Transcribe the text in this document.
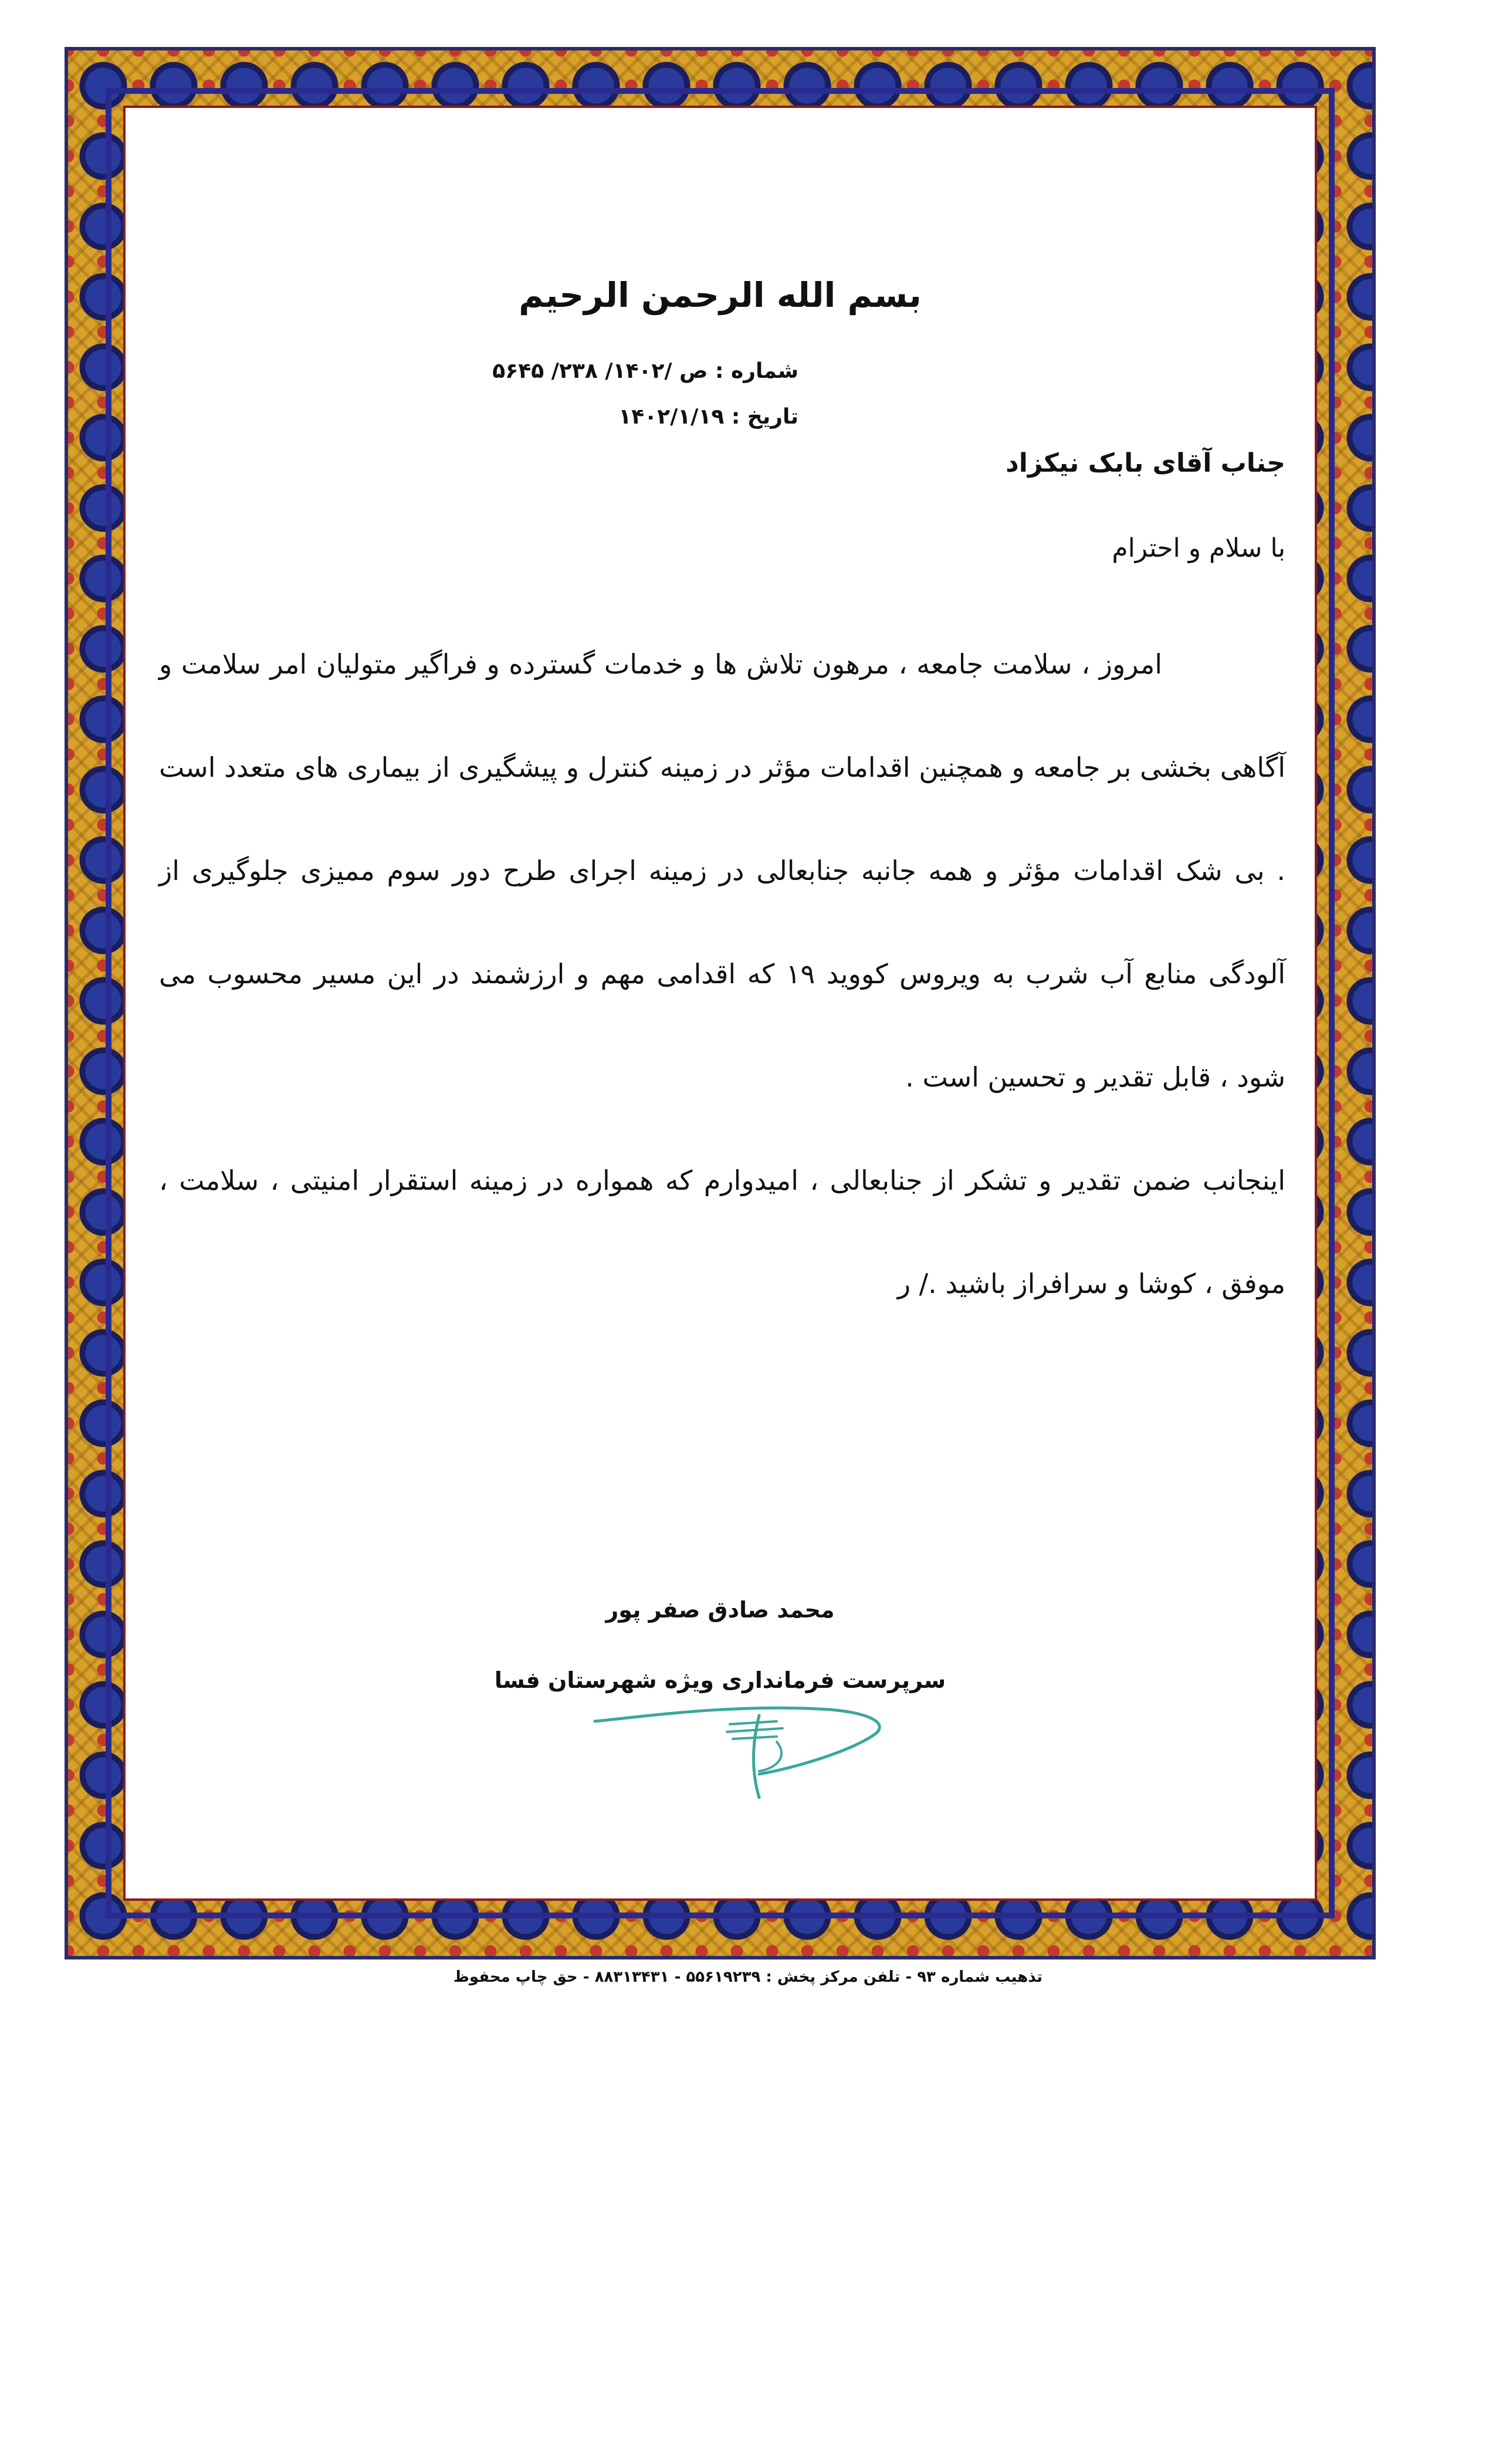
بسم الله الرحمن الرحيم
شماره : ص /۱۴۰۲/ ۲۳۸/ ۵۶۴۵
تاریخ : ۱۴۰۲/۱/۱۹
جناب آقای بابک نیکزاد
با سلام و احترام

امروز ، سلامت جامعه ، مرهون تلاش ها و خدمات گسترده و فراگیر متولیان امر سلامت و آگاهی بخشی بر جامعه و همچنین اقدامات مؤثر در زمینه کنترل و پیشگیری از بیماری های متعدد است . بی شک اقدامات مؤثر و همه جانبه جنابعالی در زمینه اجرای طرح دور سوم ممیزی جلوگیری از آلودگی منابع آب شرب به ویروس کووید ۱۹ که اقدامی مهم و ارزشمند در این مسیر محسوب می شود ، قابل تقدیر و تحسین است .

اینجانب ضمن تقدیر و تشکر از جنابعالی ، امیدوارم که همواره در زمینه استقرار امنیتی ، سلامت ، موفق ، کوشا و سرافراز باشید ./ ر

محمد صادق صفر پور
سرپرست فرمانداری ویژه شهرستان فسا
تذهیب شماره ۹۳ - تلفن مرکز پخش : ۵۵۶۱۹۲۳۹ - ۸۸۳۱۳۴۳۱ - حق چاپ محفوظ
